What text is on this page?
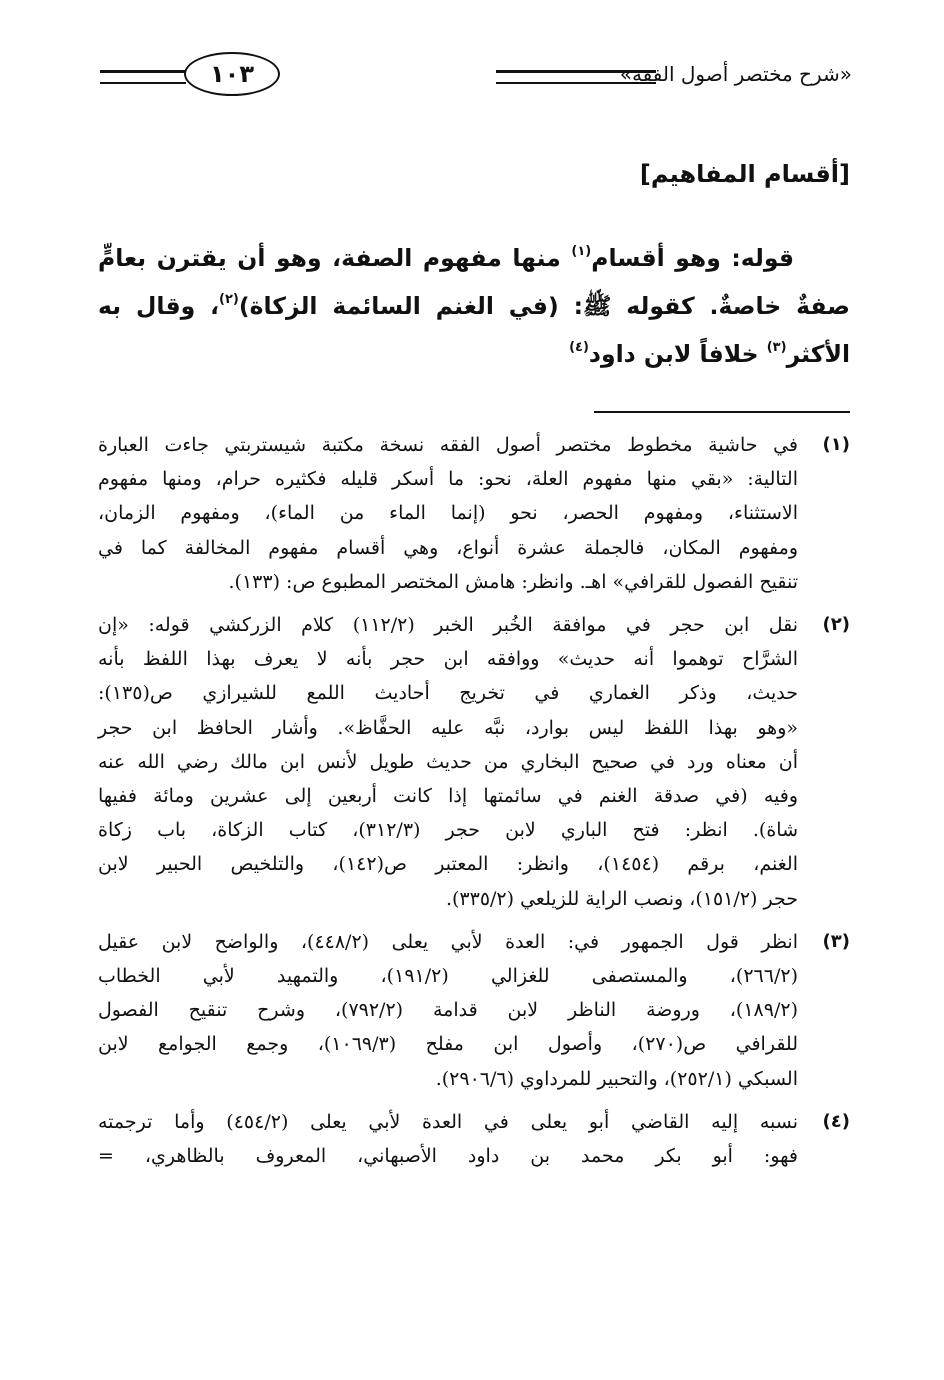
«شرح مختصر أصول الفقه»
١٠٣
[أقسام المفاهيم]
قوله: وهو أقسام$^{(١)}$ منها مفهوم الصفة، وهو أن يقترن بعامٍّ
صفةٌ خاصةٌ. كقوله ﷺ: (في الغنم السائمة الزكاة)$^{(٢)}$، وقال به
الأكثر$^{(٣)}$ خلافاً لابن داود$^{(٤)}$
(١)
في حاشية مخطوط مختصر أصول الفقه نسخة مكتبة شيستربتي جاءت العبارة
التالية: «بقي منها مفهوم العلة، نحو: ما أسكر قليله فكثيره حرام، ومنها مفهوم
الاستثناء، ومفهوم الحصر، نحو (إنما الماء من الماء)، ومفهوم الزمان،
ومفهوم المكان، فالجملة عشرة أنواع، وهي أقسام مفهوم المخالفة كما في
تنقيح الفصول للقرافي» اهـ. وانظر: هامش المختصر المطبوع ص: (١٣٣).
(٢)
نقل ابن حجر في موافقة الخُبر الخبر (١١٢/٢) كلام الزركشي قوله: «إن
الشرَّاح توهموا أنه حديث» ووافقه ابن حجر بأنه لا يعرف بهذا اللفظ بأنه
حديث، وذكر الغماري في تخريج أحاديث اللمع للشيرازي ص(١٣٥):
«وهو بهذا اللفظ ليس بوارد، نبَّه عليه الحفَّاظ». وأشار الحافظ ابن حجر
أن معناه ورد في صحيح البخاري من حديث طويل لأنس ابن مالك رضي الله عنه
وفيه (في صدقة الغنم في سائمتها إذا كانت أربعين إلى عشرين ومائة ففيها
شاة). انظر: فتح الباري لابن حجر (٣١٢/٣)، كتاب الزكاة، باب زكاة
الغنم، برقم (١٤٥٤)، وانظر: المعتبر ص(١٤٢)، والتلخيص الحبير لابن
حجر (١٥١/٢)، ونصب الراية للزيلعي (٣٣٥/٢).
(٣)
انظر قول الجمهور في: العدة لأبي يعلى (٤٤٨/٢)، والواضح لابن عقيل
(٢٦٦/٢)، والمستصفى للغزالي (١٩١/٢)، والتمهيد لأبي الخطاب
(١٨٩/٢)، وروضة الناظر لابن قدامة (٧٩٢/٢)، وشرح تنقيح الفصول
للقرافي ص(٢٧٠)، وأصول ابن مفلح (١٠٦٩/٣)، وجمع الجوامع لابن
السبكي (٢٥٢/١)، والتحبير للمرداوي (٢٩٠٦/٦).
(٤)
نسبه إليه القاضي أبو يعلى في العدة لأبي يعلى (٤٥٤/٢) وأما ترجمته
فهو: أبو بكر محمد بن داود الأصبهاني، المعروف بالظاهري، =
